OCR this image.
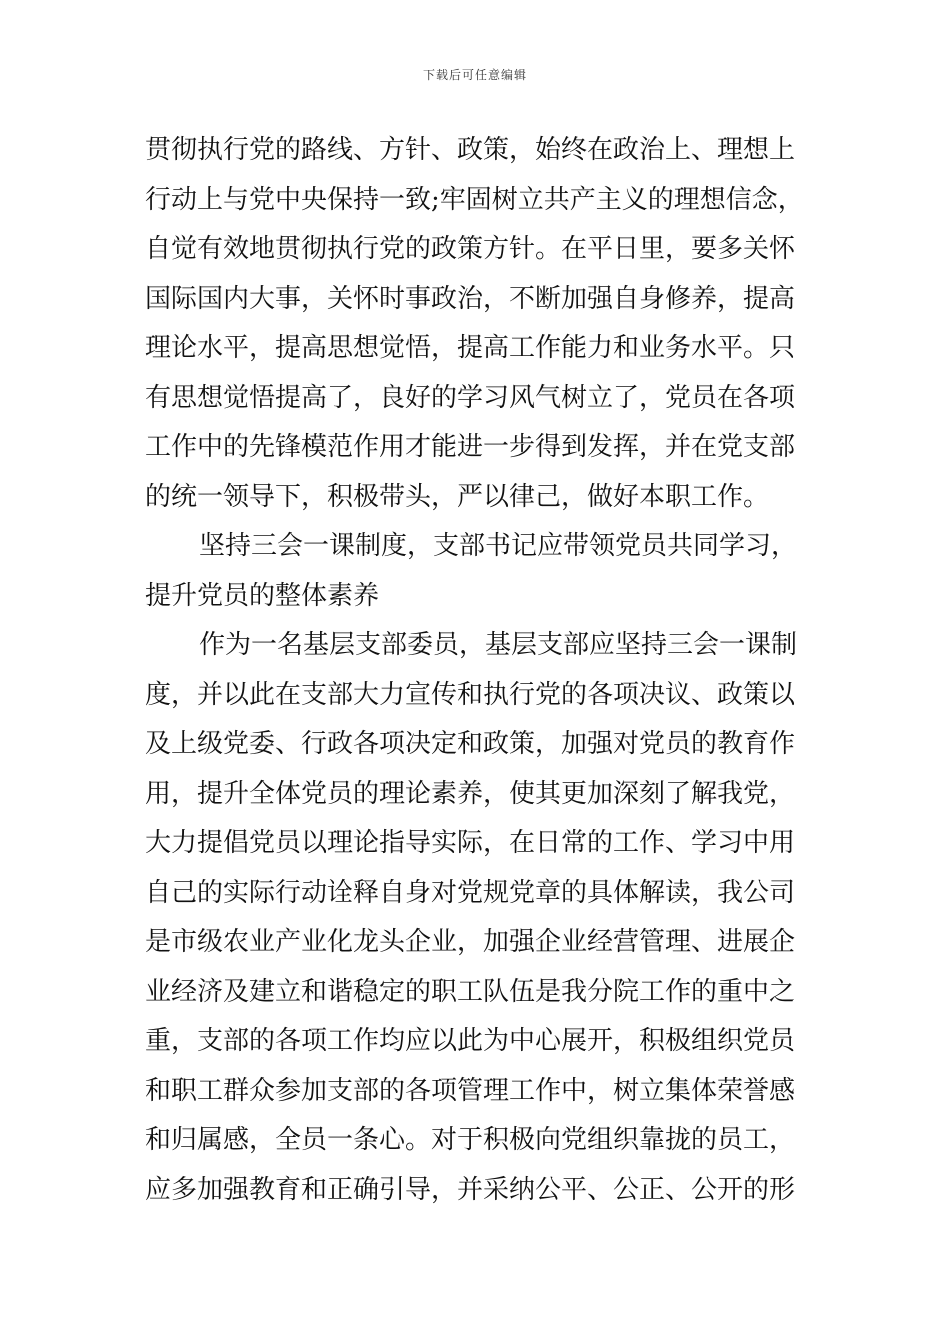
下载后可任意编辑
贯彻执行党的路线、方针、政策，始终在政治上、理想上
行动上与党中央保持一致;牢固树立共产主义的理想信念，
自觉有效地贯彻执行党的政策方针。在平日里，要多关怀
国际国内大事，关怀时事政治，不断加强自身修养，提高
理论水平，提高思想觉悟，提高工作能力和业务水平。只
有思想觉悟提高了，良好的学习风气树立了，党员在各项
工作中的先锋模范作用才能进一步得到发挥，并在党支部
的统一领导下，积极带头，严以律己，做好本职工作。
坚持三会一课制度，支部书记应带领党员共同学习，
提升党员的整体素养
作为一名基层支部委员，基层支部应坚持三会一课制
度，并以此在支部大力宣传和执行党的各项决议、政策以
及上级党委、行政各项决定和政策，加强对党员的教育作
用，提升全体党员的理论素养，使其更加深刻了解我党，
大力提倡党员以理论指导实际，在日常的工作、学习中用
自己的实际行动诠释自身对党规党章的具体解读，我公司
是市级农业产业化龙头企业，加强企业经营管理、进展企
业经济及建立和谐稳定的职工队伍是我分院工作的重中之
重，支部的各项工作均应以此为中心展开，积极组织党员
和职工群众参加支部的各项管理工作中，树立集体荣誉感
和归属感，全员一条心。对于积极向党组织靠拢的员工，
应多加强教育和正确引导，并采纳公平、公正、公开的形
